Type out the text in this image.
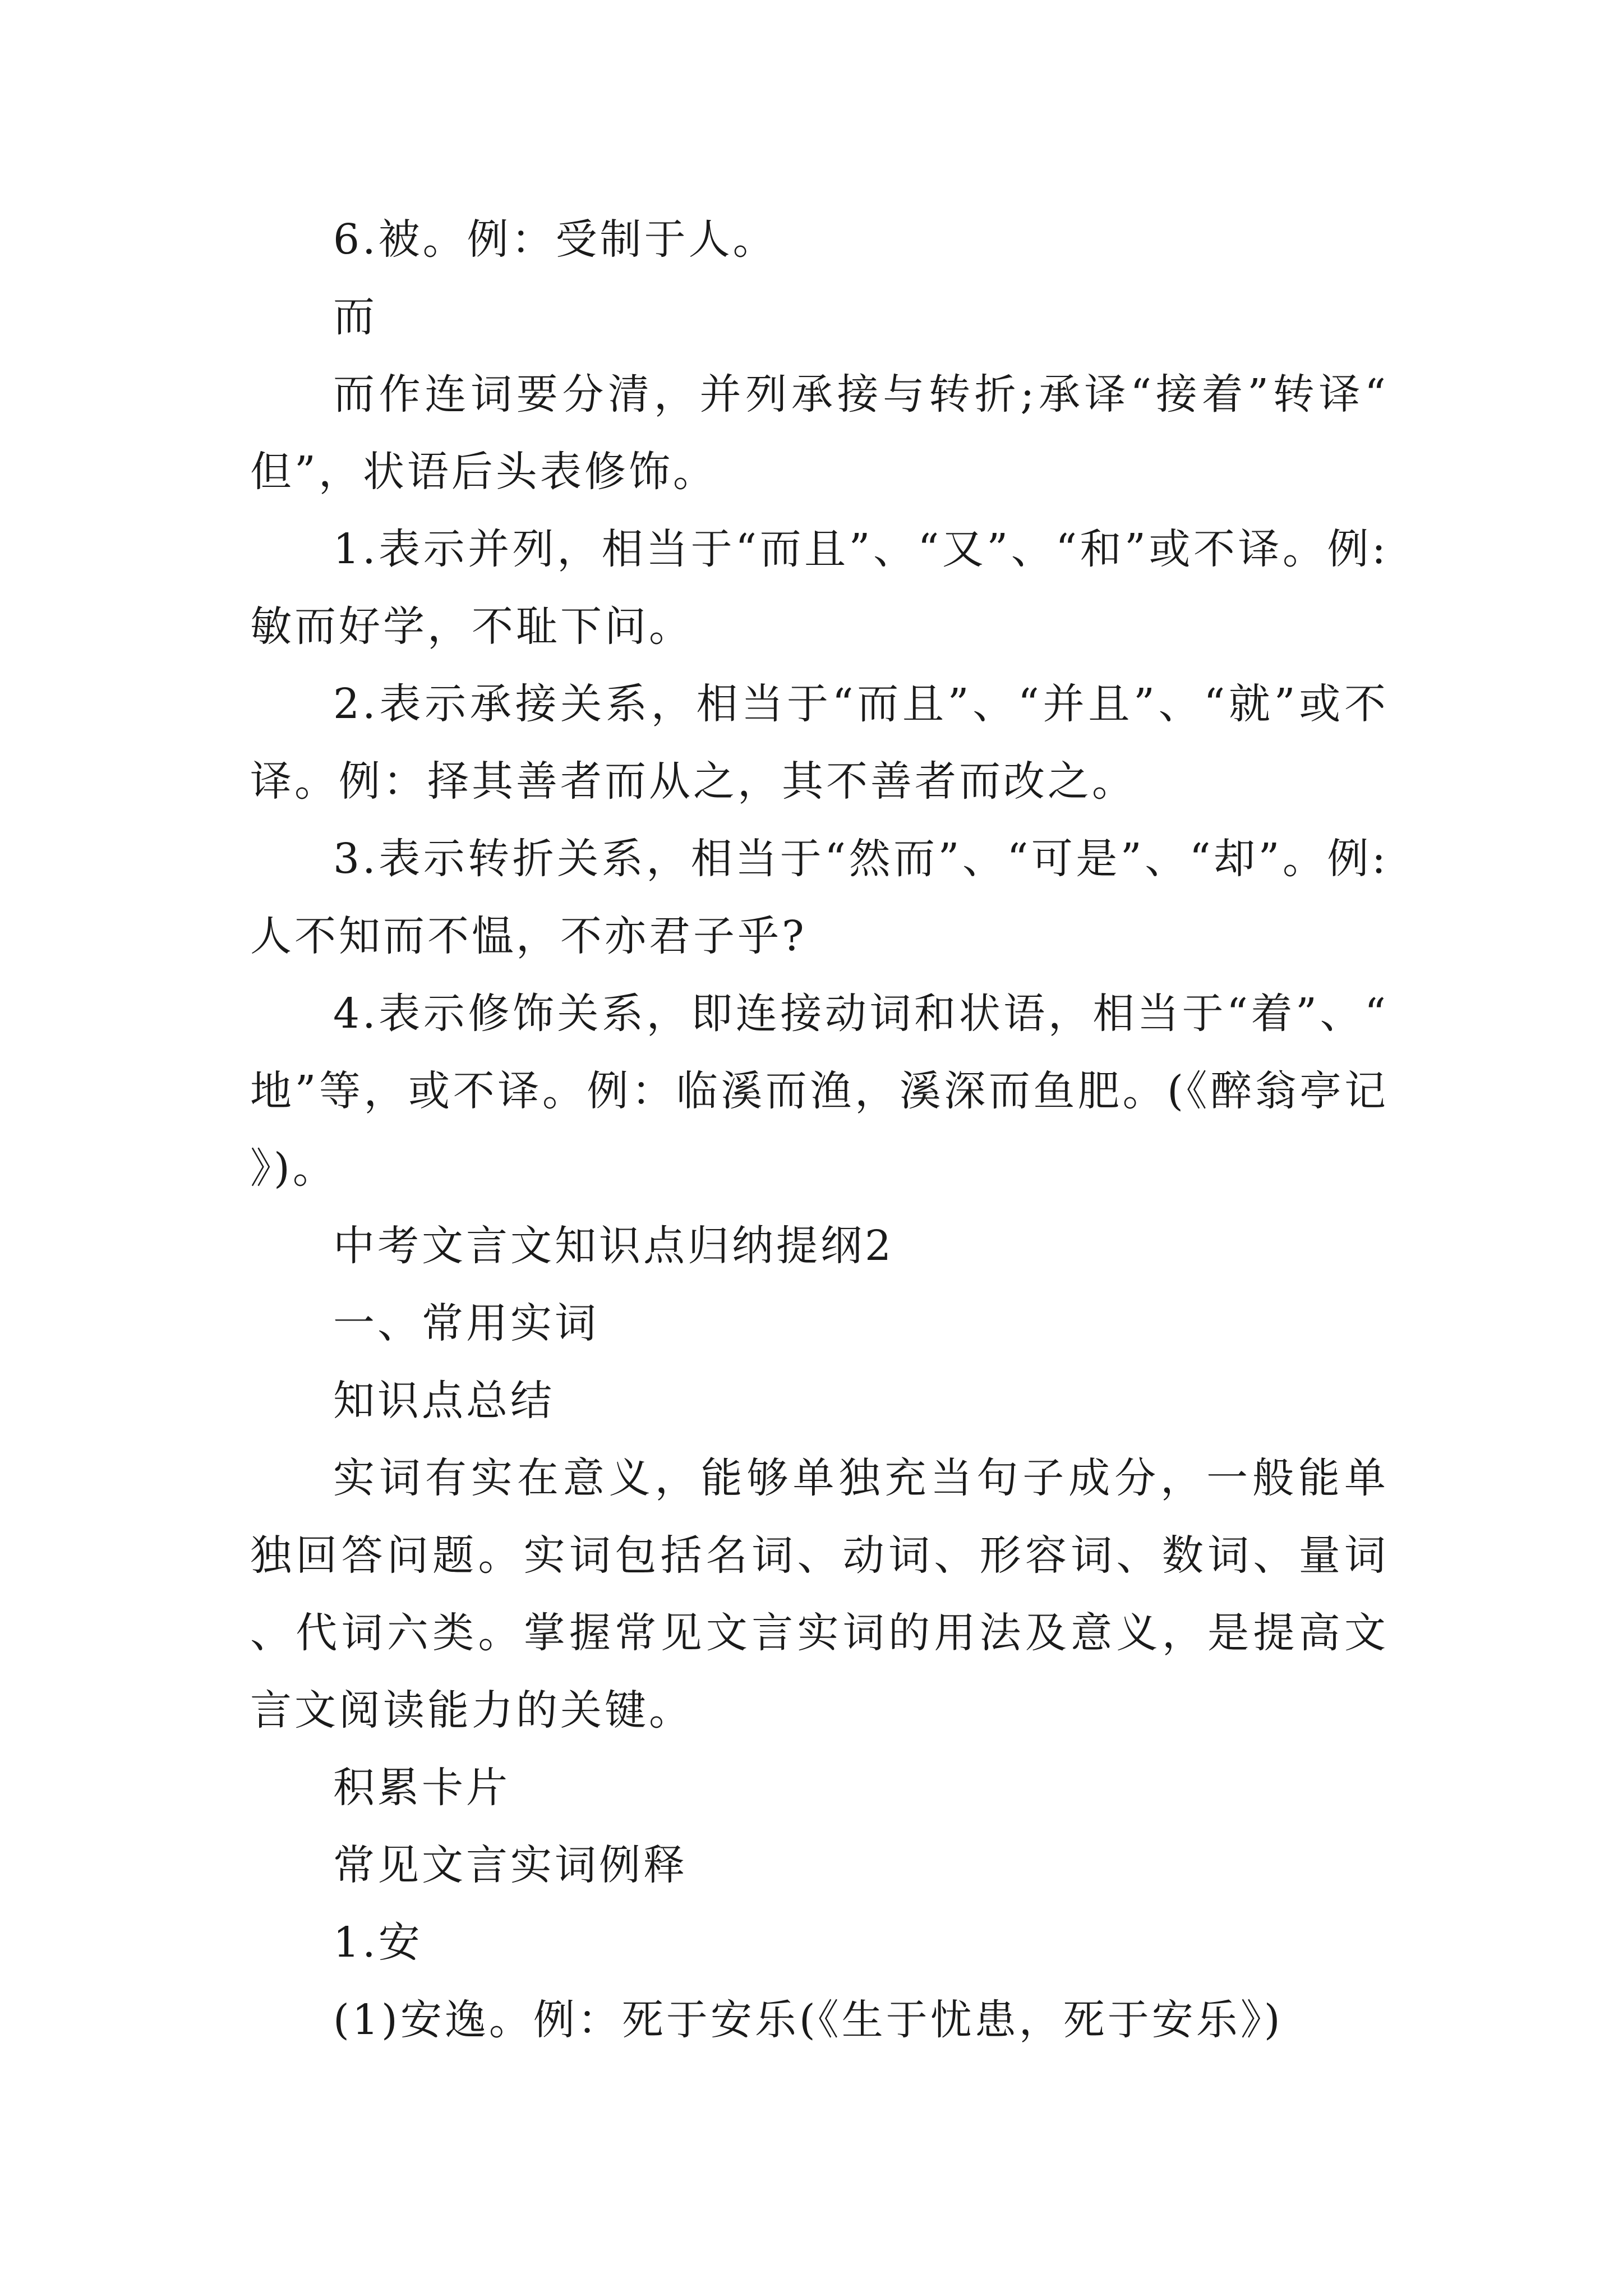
6.被。例：受制于人。

而

而作连词要分清，并列承接与转折;承译“接着”转译“但”，状语后头表修饰。

1.表示并列，相当于“而且”、“又”、“和”或不译。例:敏而好学，不耻下问。

2.表示承接关系，相当于“而且”、“并且”、“就”或不译。例：择其善者而从之，其不善者而改之。

3.表示转折关系，相当于“然而”、“可是”、“却”。例:人不知而不愠，不亦君子乎?

4.表示修饰关系，即连接动词和状语，相当于“着”、“地”等，或不译。例：临溪而渔，溪深而鱼肥。(《醉翁亭记》)。

中考文言文知识点归纳提纲2

一、常用实词

知识点总结

实词有实在意义，能够单独充当句子成分，一般能单独回答问题。实词包括名词、动词、形容词、数词、量词、代词六类。掌握常见文言实词的用法及意义，是提高文言文阅读能力的关键。

积累卡片

常见文言实词例释

1.安

(1)安逸。例：死于安乐(《生于忧患，死于安乐》)
